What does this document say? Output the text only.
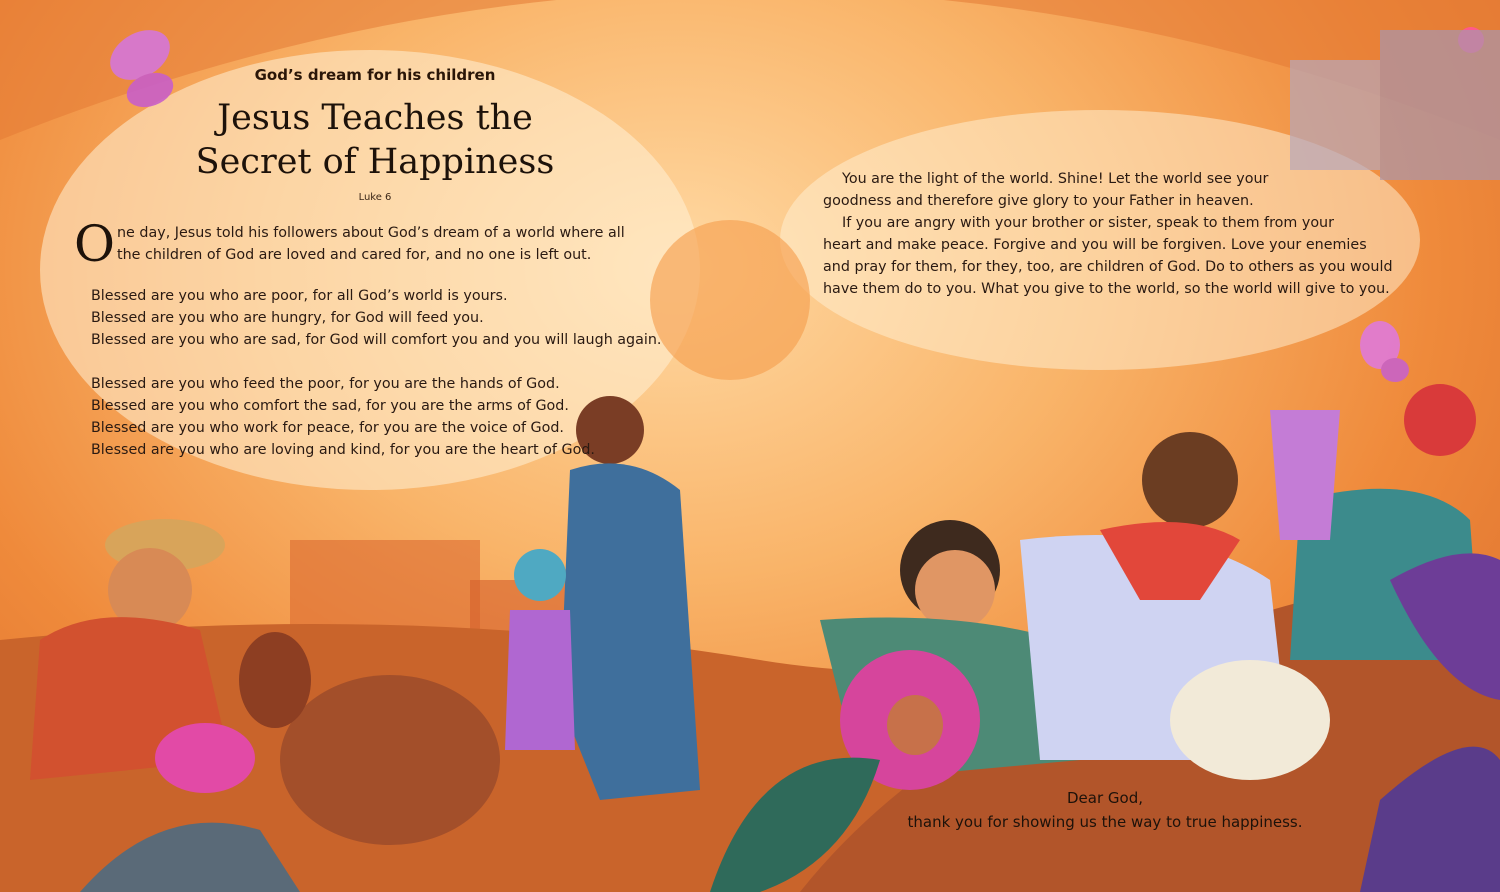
God’s dream for his children
Jesus Teaches the
Secret of Happiness
Luke 6
One day, Jesus told his followers about God’s dream of a world where all the children of God are loved and cared for, and no one is left out.
Blessed are you who are poor, for all God’s world is yours.
Blessed are you who are hungry, for God will feed you.
Blessed are you who are sad, for God will comfort you and you will laugh again.
Blessed are you who feed the poor, for you are the hands of God.
Blessed are you who comfort the sad, for you are the arms of God.
Blessed are you who work for peace, for you are the voice of God.
Blessed are you who are loving and kind, for you are the heart of God.
You are the light of the world. Shine! Let the world see your
goodness and therefore give glory to your Father in heaven.
If you are angry with your brother or sister, speak to them from your
heart and make peace. Forgive and you will be forgiven. Love your enemies
and pray for them, for they, too, are children of God. Do to others as you would
have them do to you. What you give to the world, so the world will give to you.
Dear God,
thank you for showing us the way to true happiness.
